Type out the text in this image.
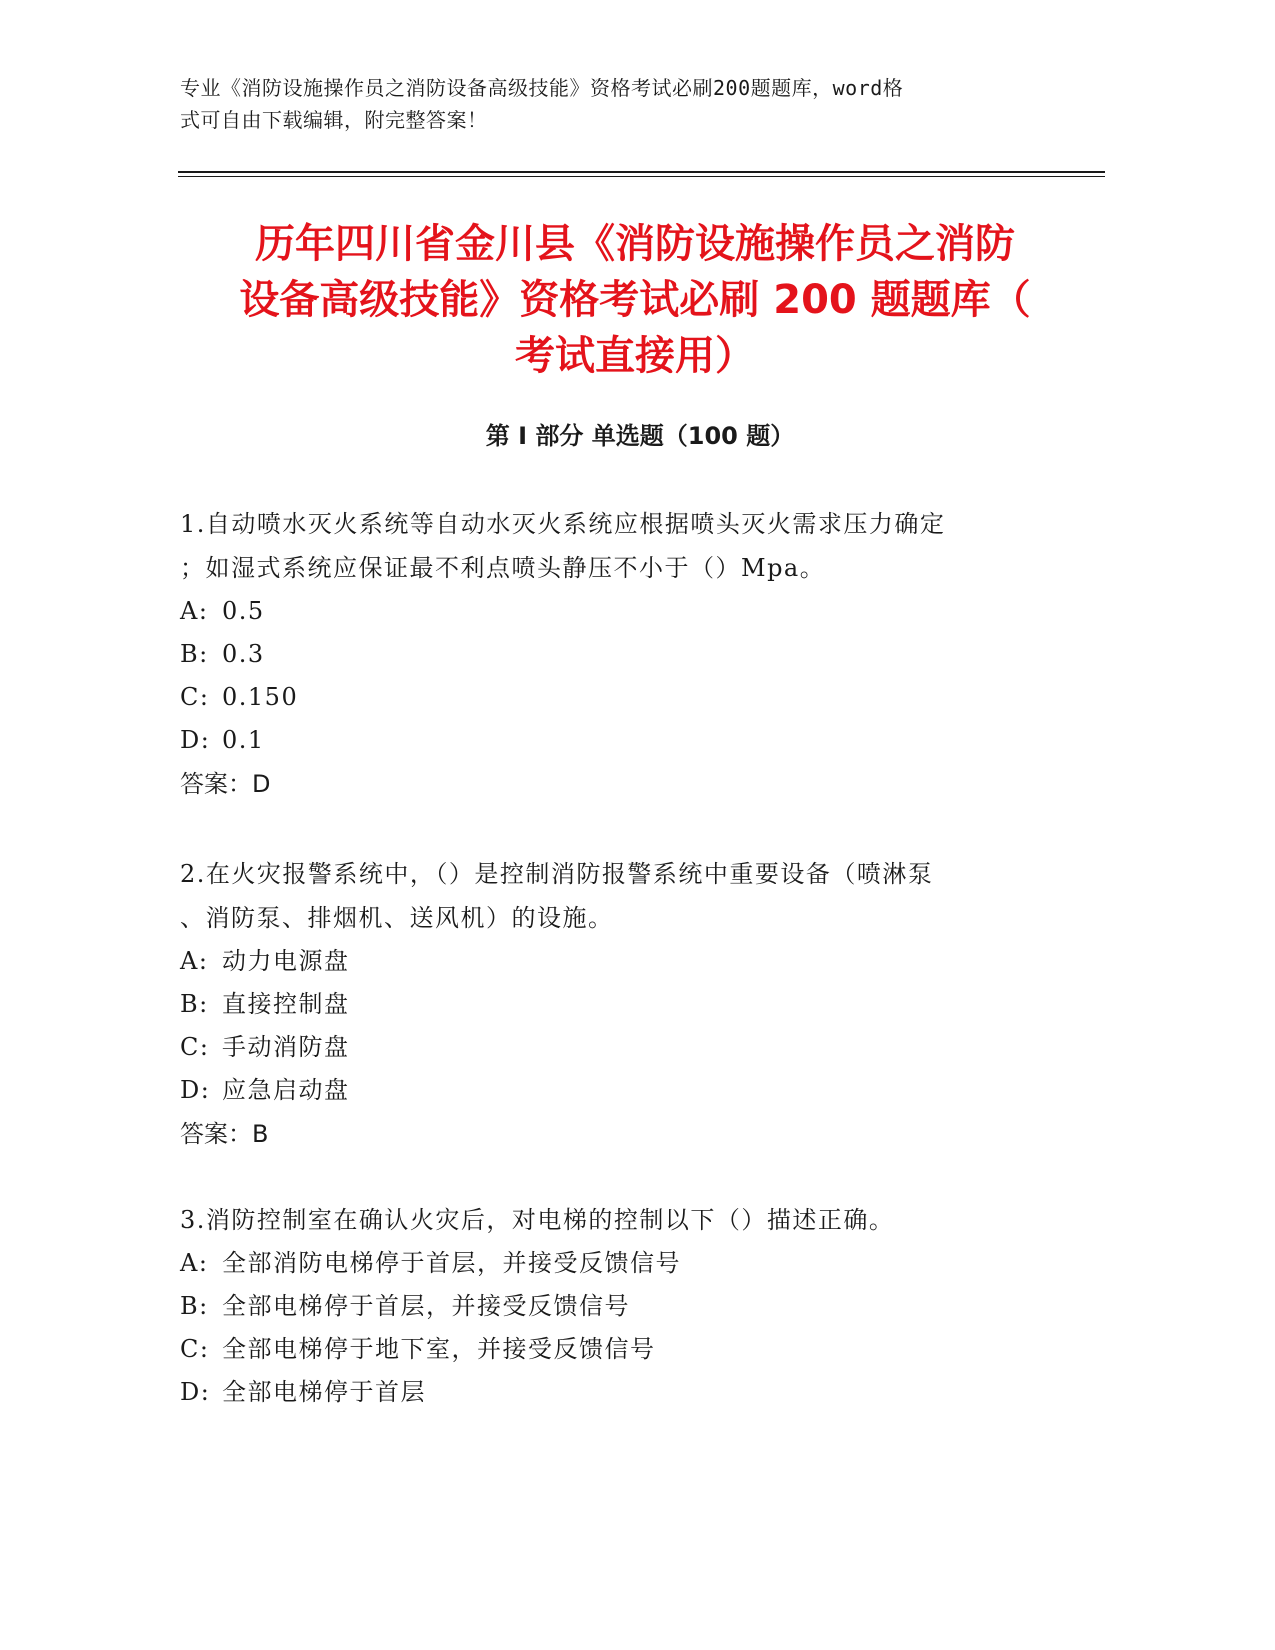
专业《消防设施操作员之消防设备高级技能》资格考试必刷200题题库，word格
式可自由下载编辑，附完整答案！
历年四川省金川县《消防设施操作员之消防
设备高级技能》资格考试必刷 200 题题库（
考试直接用）
第 I 部分 单选题（100 题）

1.自动喷水灭火系统等自动水灭火系统应根据喷头灭火需求压力确定

；如湿式系统应保证最不利点喷头静压不小于（）Mpa。

A: 0.5

B: 0.3

C: 0.150

D: 0.1

答案：D

2.在火灾报警系统中，（）是控制消防报警系统中重要设备（喷淋泵

、消防泵、排烟机、送风机）的设施。

A: 动力电源盘

B: 直接控制盘

C: 手动消防盘

D: 应急启动盘

答案：B

3.消防控制室在确认火灾后，对电梯的控制以下（）描述正确。

A: 全部消防电梯停于首层，并接受反馈信号

B: 全部电梯停于首层，并接受反馈信号

C: 全部电梯停于地下室，并接受反馈信号

D: 全部电梯停于首层
